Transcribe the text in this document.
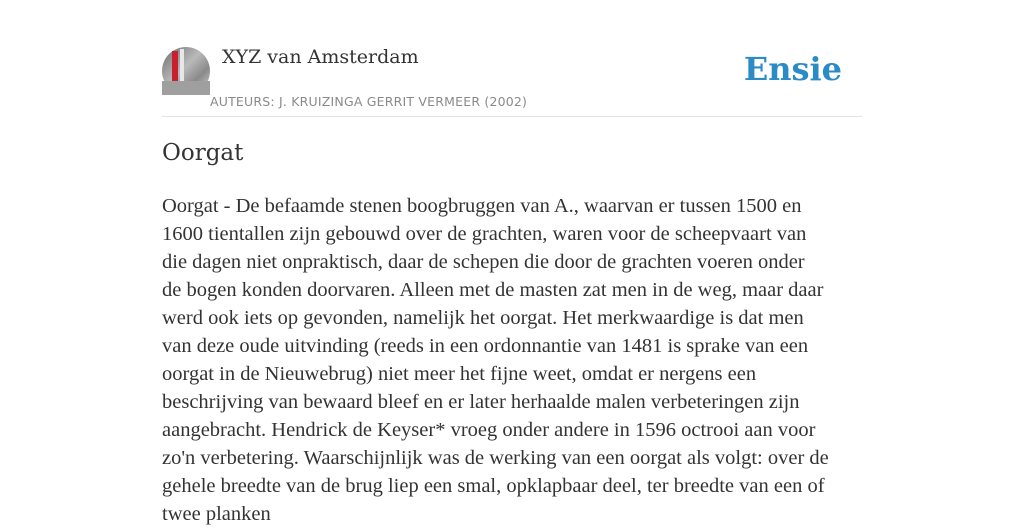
XYZ van Amsterdam
AUTEURS: J. KRUIZINGA GERRIT VERMEER (2002)
Ensie
Oorgat
Oorgat - De befaamde stenen boogbruggen van A., waarvan er tussen 1500 en
1600 tientallen zijn gebouwd over de grachten, waren voor de scheepvaart van
die dagen niet onpraktisch, daar de schepen die door de grachten voeren onder
de bogen konden doorvaren. Alleen met de masten zat men in de weg, maar daar
werd ook iets op gevonden, namelijk het oorgat. Het merkwaardige is dat men
van deze oude uitvinding (reeds in een ordonnantie van 1481 is sprake van een
oorgat in de Nieuwebrug) niet meer het fijne weet, omdat er nergens een
beschrijving van bewaard bleef en er later herhaalde malen verbeteringen zijn
aangebracht. Hendrick de Keyser* vroeg onder andere in 1596 octrooi aan voor
zo'n verbetering. Waarschijnlijk was de werking van een oorgat als volgt: over de
gehele breedte van de brug liep een smal, opklapbaar deel, ter breedte van een of
twee planken
